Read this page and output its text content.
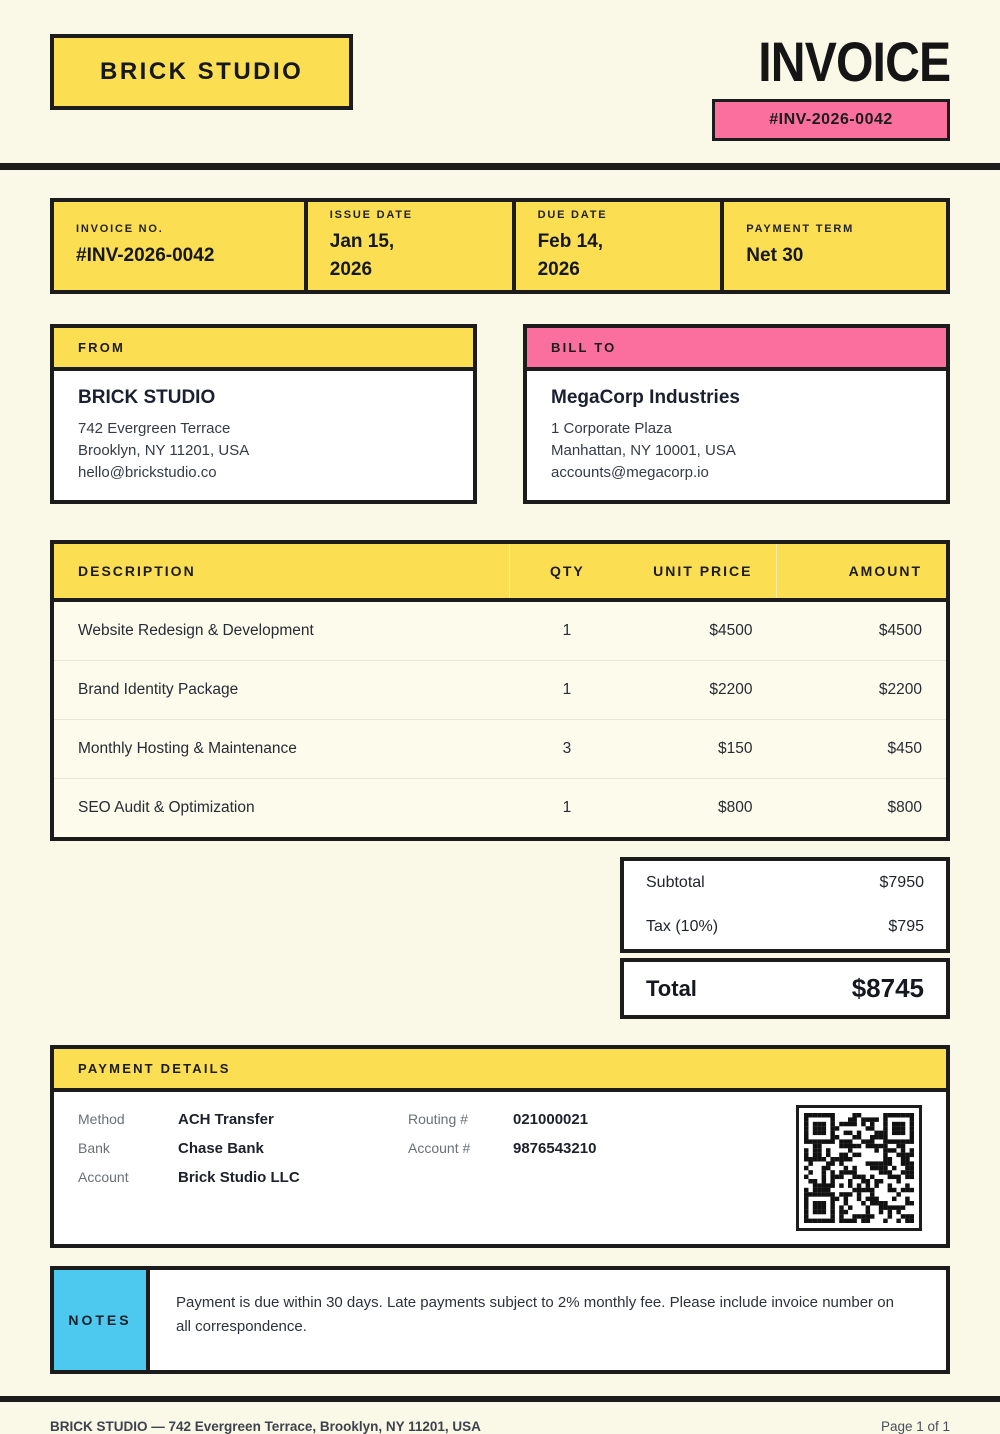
BRICK STUDIO	INVOICE
#INV-2026-0042
INVOICE NO.
#INV-2026-0042
ISSUE DATE
Jan 15, 2026
DUE DATE
Feb 14, 2026
PAYMENT TERM
Net 30
FROM
BRICK STUDIO
742 Evergreen Terrace
Brooklyn, NY 11201, USA
hello@brickstudio.co
BILL TO
MegaCorp Industries
1 Corporate Plaza
Manhattan, NY 10001, USA
accounts@megacorp.io
DESCRIPTION	QTY	UNIT PRICE	AMOUNT
Website Redesign & Development	1	$4500	$4500
Brand Identity Package	1	$2200	$2200
Monthly Hosting & Maintenance	3	$150	$450
SEO Audit & Optimization	1	$800	$800
Subtotal	$7950
Tax (10%)	$795
Total	$8745
PAYMENT DETAILS
Method	ACH Transfer
Bank	Chase Bank
Account	Brick Studio LLC
Routing #	021000021
Account #	9876543210
NOTES
Payment is due within 30 days. Late payments subject to 2% monthly fee. Please include invoice number on all correspondence.
BRICK STUDIO — 742 Evergreen Terrace, Brooklyn, NY 11201, USA	Page 1 of 1
